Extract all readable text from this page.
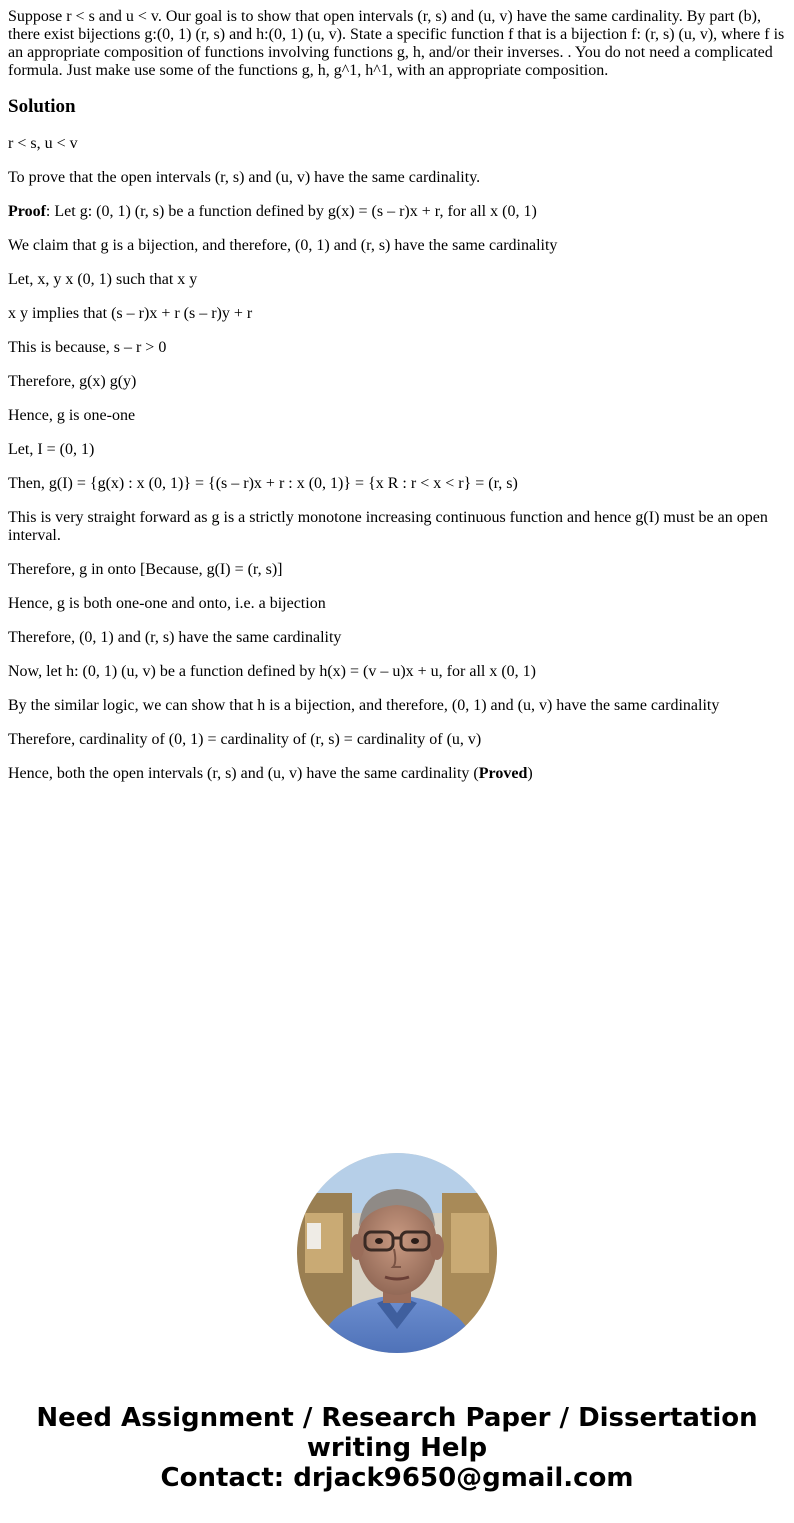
Suppose r < s and u < v. Our goal is to show that open intervals (r, s) and (u, v) have the same cardinality. By part (b), there exist bijections g:(0, 1) (r, s) and h:(0, 1) (u, v). State a specific function f that is a bijection f: (r, s) (u, v), where f is an appropriate composition of functions involving functions g, h, and/or their inverses. . You do not need a complicated formula. Just make use some of the functions g, h, g^1, h^1, with an appropriate composition.

Solution

r < s, u < v

To prove that the open intervals (r, s) and (u, v) have the same cardinality.

Proof: Let g: (0, 1) (r, s) be a function defined by g(x) = (s – r)x + r, for all x (0, 1)

We claim that g is a bijection, and therefore, (0, 1) and (r, s) have the same cardinality

Let, x, y x (0, 1) such that x y

x y implies that (s – r)x + r (s – r)y + r

This is because, s – r > 0

Therefore, g(x) g(y)

Hence, g is one-one

Let, I = (0, 1)

Then, g(I) = {g(x) : x (0, 1)} = {(s – r)x + r : x (0, 1)} = {x R : r < x < r} = (r, s)

This is very straight forward as g is a strictly monotone increasing continuous function and hence g(I) must be an open interval.

Therefore, g in onto [Because, g(I) = (r, s)]

Hence, g is both one-one and onto, i.e. a bijection

Therefore, (0, 1) and (r, s) have the same cardinality

Now, let h: (0, 1) (u, v) be a function defined by h(x) = (v – u)x + u, for all x (0, 1)

By the similar logic, we can show that h is a bijection, and therefore, (0, 1) and (u, v) have the same cardinality

Therefore, cardinality of (0, 1) = cardinality of (r, s) = cardinality of (u, v)

Hence, both the open intervals (r, s) and (u, v) have the same cardinality (Proved)

Need Assignment / Research Paper / Dissertation
writing Help
Contact: drjack9650@gmail.com
